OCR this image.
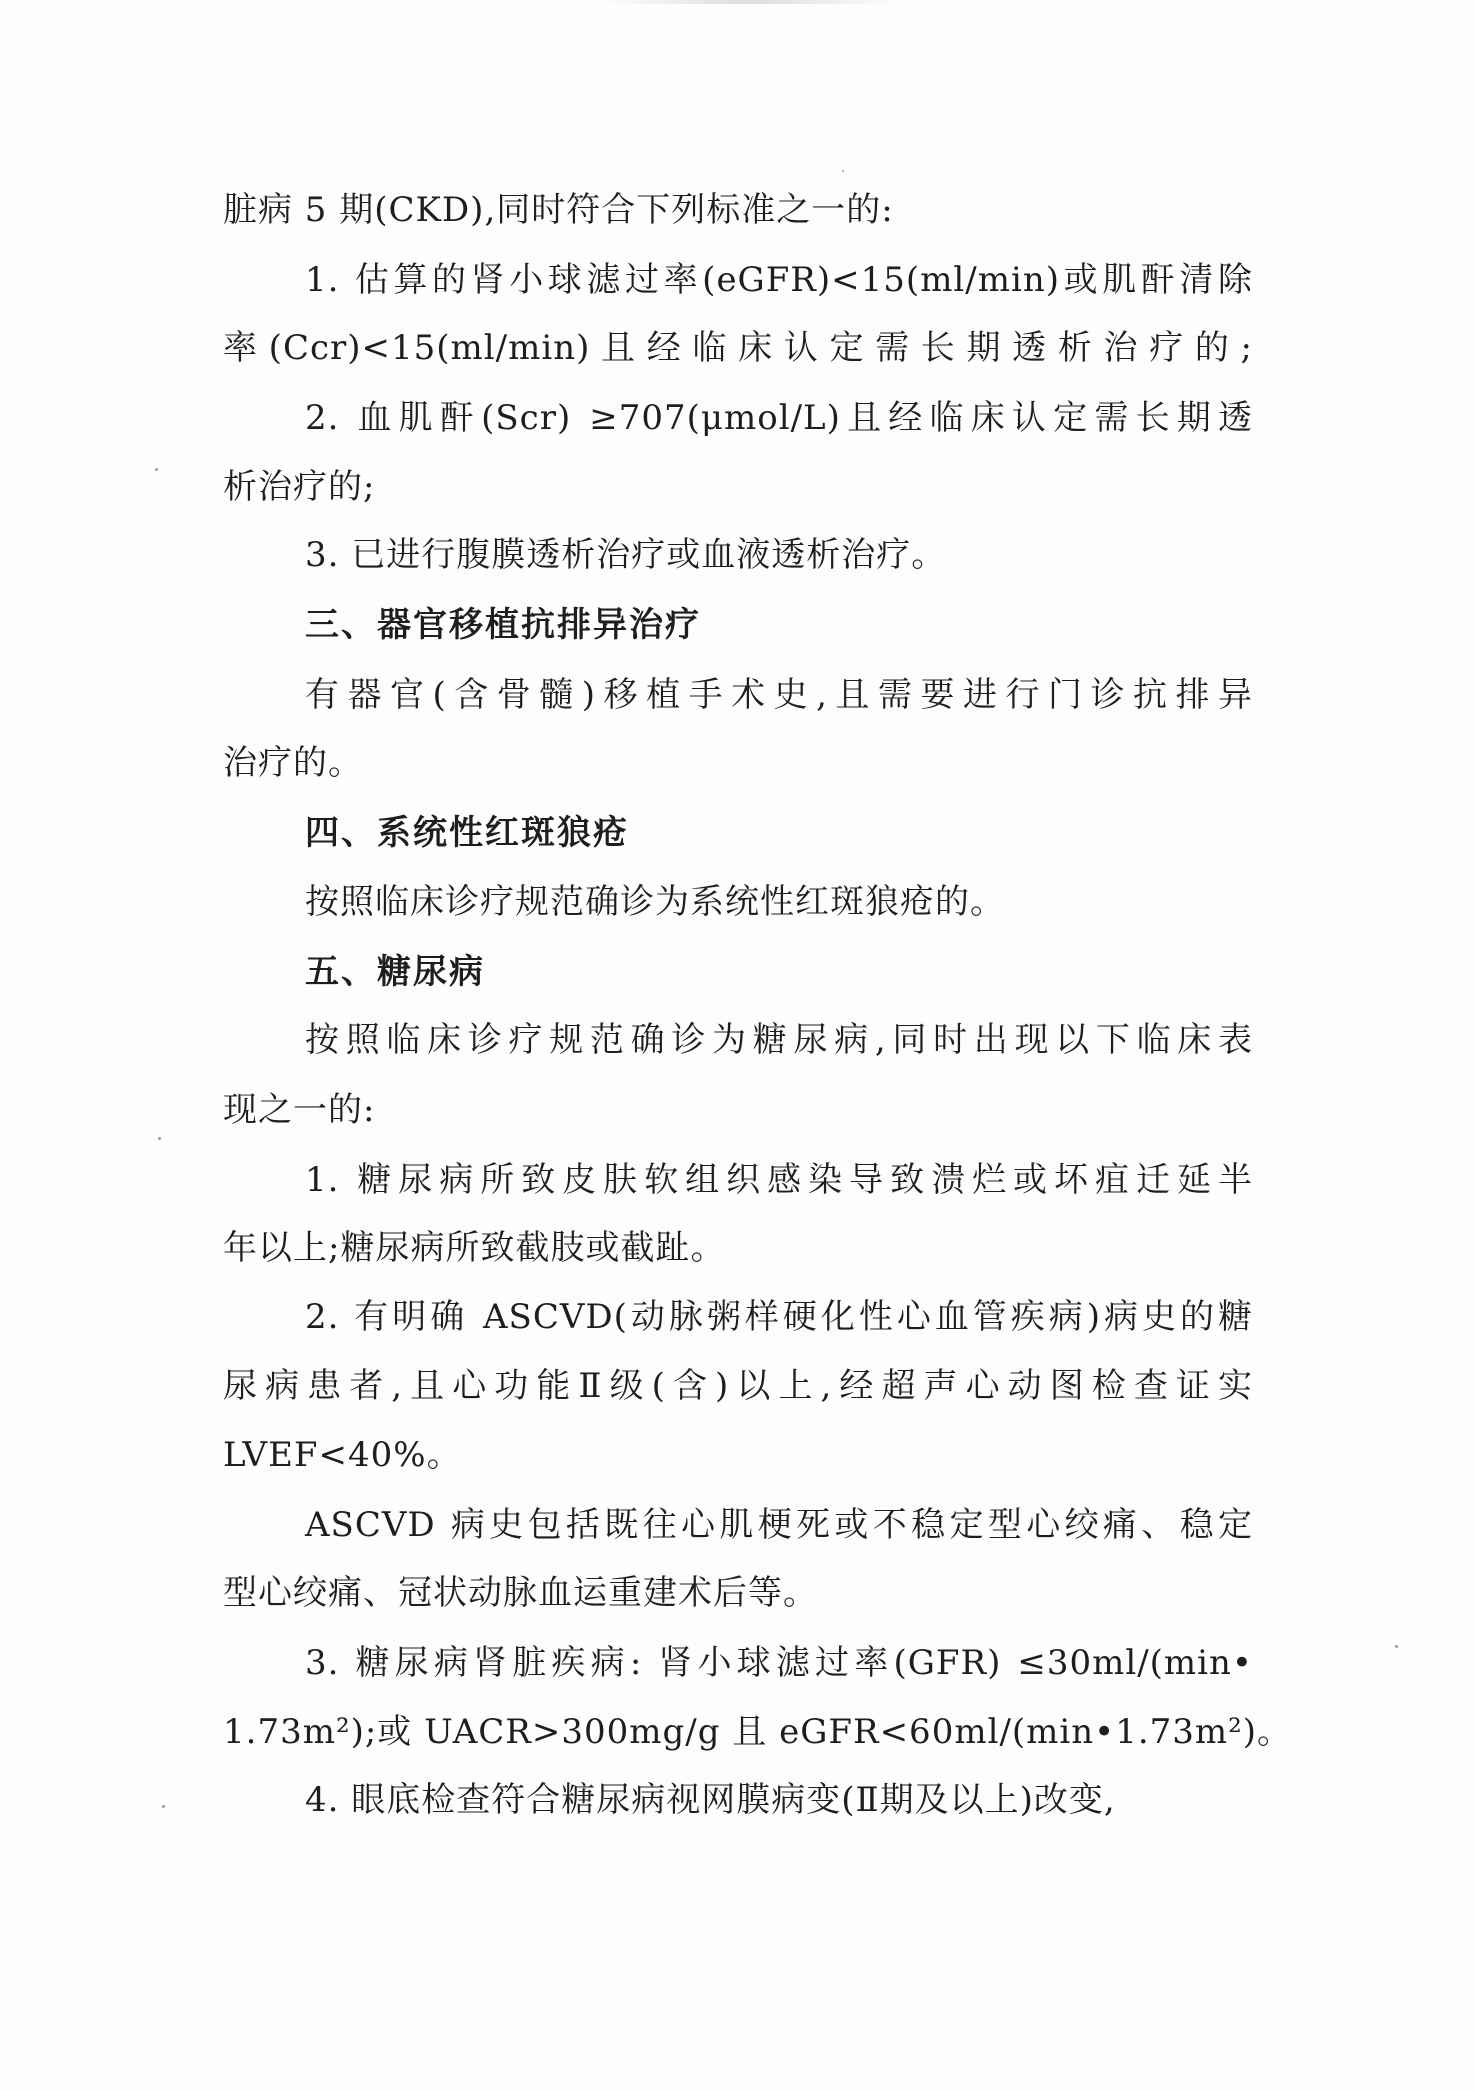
脏病 5 期(CKD),同时符合下列标准之一的:
1. 估算的肾小球滤过率(eGFR)<15(ml/min)或肌酐清除
率(Ccr)<15(ml/min)且经临床认定需长期透析治疗的;
2. 血肌酐(Scr) ≥707(μmol/L)且经临床认定需长期透
析治疗的;
3. 已进行腹膜透析治疗或血液透析治疗。
三、器官移植抗排异治疗
有器官(含骨髓)移植手术史,且需要进行门诊抗排异
治疗的。
四、系统性红斑狼疮
按照临床诊疗规范确诊为系统性红斑狼疮的。
五、糖尿病
按照临床诊疗规范确诊为糖尿病,同时出现以下临床表
现之一的:
1. 糖尿病所致皮肤软组织感染导致溃烂或坏疽迁延半
年以上;糖尿病所致截肢或截趾。
2. 有明确 ASCVD(动脉粥样硬化性心血管疾病)病史的糖
尿病患者,且心功能Ⅱ级(含)以上,经超声心动图检查证实
LVEF<40%。
ASCVD 病史包括既往心肌梗死或不稳定型心绞痛、稳定
型心绞痛、冠状动脉血运重建术后等。
3. 糖尿病肾脏疾病: 肾小球滤过率(GFR) ≤30ml/(min•
1.73m²);或 UACR>300mg/g 且 eGFR<60ml/(min•1.73m²)。
4. 眼底检查符合糖尿病视网膜病变(Ⅱ期及以上)改变,
